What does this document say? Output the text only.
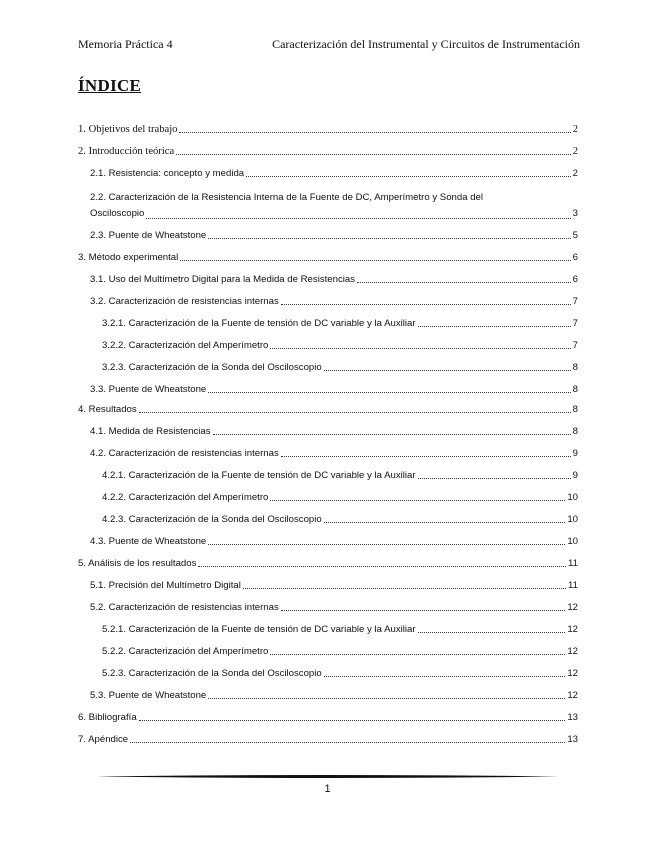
Memoria Práctica 4	Caracterización del Instrumental y Circuitos de Instrumentación
ÍNDICE
1. Objetivos del trabajo	2
2. Introducción teórica	2
2.1. Resistencia: concepto y medida	2
2.2. Caracterización de la Resistencia Interna de la Fuente de DC, Amperímetro y Sonda del
Osciloscopio	3
2.3. Puente de Wheatstone	5
3. Método experimental	6
3.1. Uso del Multímetro Digital para la Medida de Resistencias	6
3.2. Caracterización de resistencias internas	7
3.2.1. Caracterización de la Fuente de tensión de DC variable y la Auxiliar	7
3.2.2. Caracterización del Amperímetro	7
3.2.3. Caracterización de la Sonda del Osciloscopio	8
3.3. Puente de Wheatstone	8
4. Resultados	8
4.1. Medida de Resistencias	8
4.2. Caracterización de resistencias internas	9
4.2.1. Caracterización de la Fuente de tensión de DC variable y la Auxiliar	9
4.2.2. Caracterización del Amperímetro	10
4.2.3. Caracterización de la Sonda del Osciloscopio	10
4.3. Puente de Wheatstone	10
5. Análisis de los resultados	11
5.1. Precisión del Multímetro Digital	11
5.2. Caracterización de resistencias internas	12
5.2.1. Caracterización de la Fuente de tensión de DC variable y la Auxiliar	12
5.2.2. Caracterización del Amperímetro	12
5.2.3. Caracterización de la Sonda del Osciloscopio	12
5.3. Puente de Wheatstone	12
6. Bibliografía	13
7. Apéndice	13
1
